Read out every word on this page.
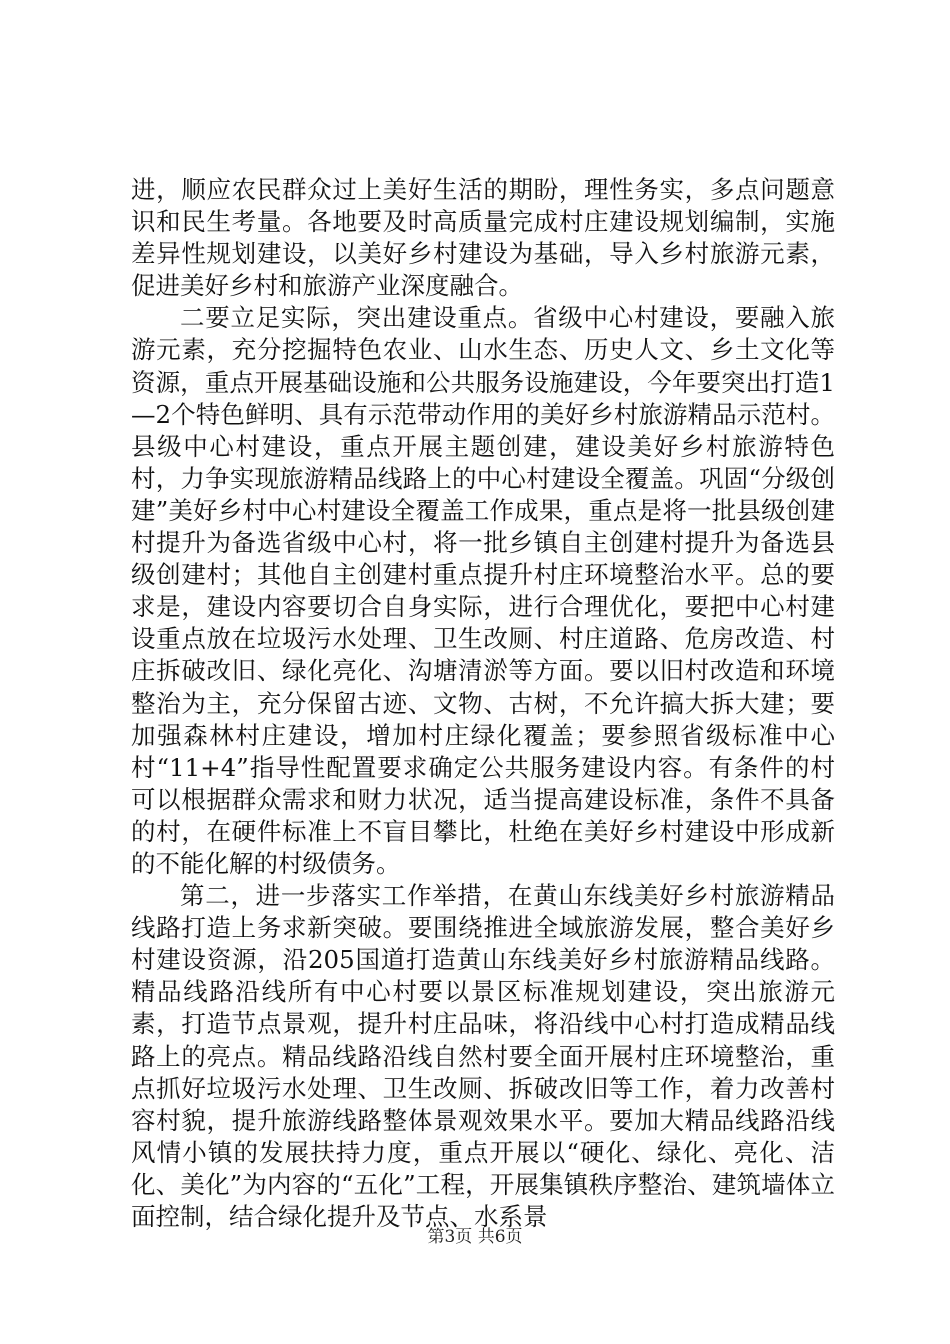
进，顺应农民群众过上美好生活的期盼，理性务实，多点问题意识和民生考量。各地要及时高质量完成村庄建设规划编制，实施差异性规划建设，以美好乡村建设为基础，导入乡村旅游元素，促进美好乡村和旅游产业深度融合。

二要立足实际，突出建设重点。省级中心村建设，要融入旅游元素，充分挖掘特色农业、山水生态、历史人文、乡土文化等资源，重点开展基础设施和公共服务设施建设，今年要突出打造1—2个特色鲜明、具有示范带动作用的美好乡村旅游精品示范村。县级中心村建设，重点开展主题创建，建设美好乡村旅游特色村，力争实现旅游精品线路上的中心村建设全覆盖。巩固“分级创建”美好乡村中心村建设全覆盖工作成果，重点是将一批县级创建村提升为备选省级中心村，将一批乡镇自主创建村提升为备选县级创建村；其他自主创建村重点提升村庄环境整治水平。总的要求是，建设内容要切合自身实际，进行合理优化，要把中心村建设重点放在垃圾污水处理、卫生改厕、村庄道路、危房改造、村庄拆破改旧、绿化亮化、沟塘清淤等方面。要以旧村改造和环境整治为主，充分保留古迹、文物、古树，不允许搞大拆大建；要加强森林村庄建设，增加村庄绿化覆盖；要参照省级标准中心村“11+4”指导性配置要求确定公共服务建设内容。有条件的村可以根据群众需求和财力状况，适当提高建设标准，条件不具备的村，在硬件标准上不盲目攀比，杜绝在美好乡村建设中形成新的不能化解的村级债务。

第二，进一步落实工作举措，在黄山东线美好乡村旅游精品线路打造上务求新突破。要围绕推进全域旅游发展，整合美好乡村建设资源，沿205国道打造黄山东线美好乡村旅游精品线路。精品线路沿线所有中心村要以景区标准规划建设，突出旅游元素，打造节点景观，提升村庄品味，将沿线中心村打造成精品线路上的亮点。精品线路沿线自然村要全面开展村庄环境整治，重点抓好垃圾污水处理、卫生改厕、拆破改旧等工作，着力改善村容村貌，提升旅游线路整体景观效果水平。要加大精品线路沿线风情小镇的发展扶持力度，重点开展以“硬化、绿化、亮化、洁化、美化”为内容的“五化”工程，开展集镇秩序整治、建筑墙体立面控制，结合绿化提升及节点、水系景

第3页 共6页
